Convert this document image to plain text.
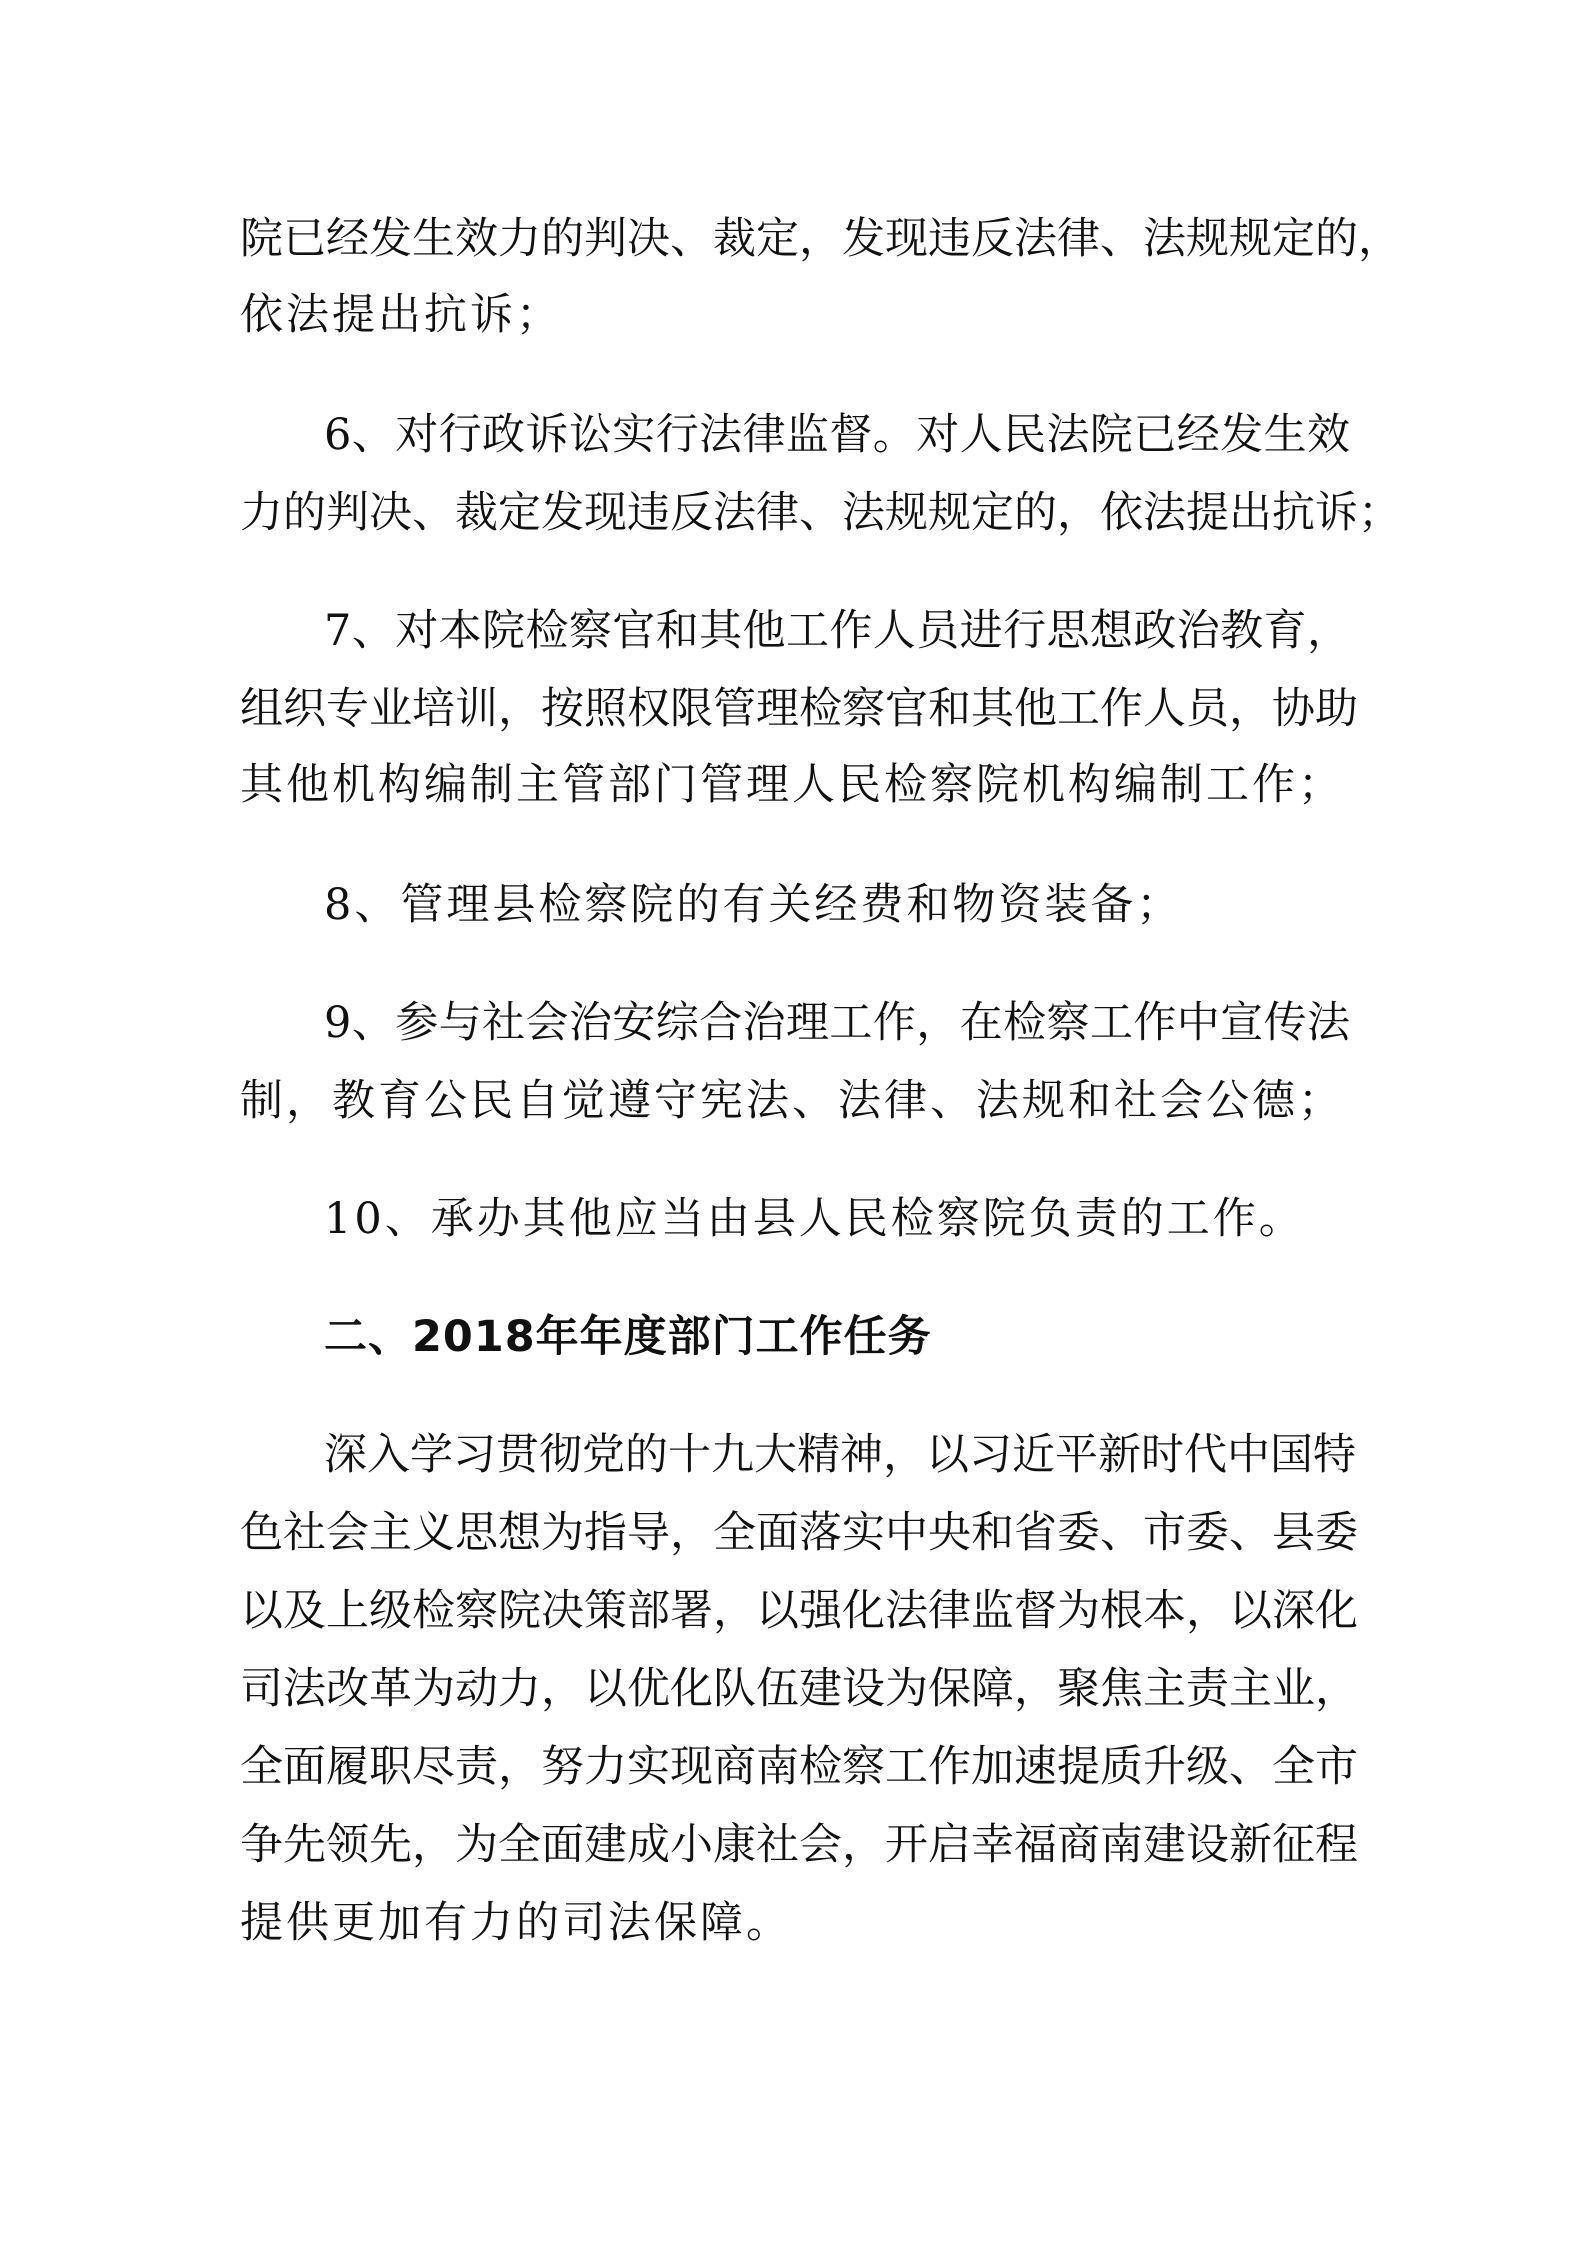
院已经发生效力的判决、裁定，发现违反法律、法规规定的，
依法提出抗诉；
6、对行政诉讼实行法律监督。对人民法院已经发生效
力的判决、裁定发现违反法律、法规规定的，依法提出抗诉；
7、对本院检察官和其他工作人员进行思想政治教育，
组织专业培训，按照权限管理检察官和其他工作人员，协助
其他机构编制主管部门管理人民检察院机构编制工作；
8、管理县检察院的有关经费和物资装备；
9、参与社会治安综合治理工作，在检察工作中宣传法
制，教育公民自觉遵守宪法、法律、法规和社会公德；
10、承办其他应当由县人民检察院负责的工作。
二、2018年年度部门工作任务
深入学习贯彻党的十九大精神，以习近平新时代中国特
色社会主义思想为指导，全面落实中央和省委、市委、县委
以及上级检察院决策部署，以强化法律监督为根本，以深化
司法改革为动力，以优化队伍建设为保障，聚焦主责主业，
全面履职尽责，努力实现商南检察工作加速提质升级、全市
争先领先，为全面建成小康社会，开启幸福商南建设新征程
提供更加有力的司法保障。
